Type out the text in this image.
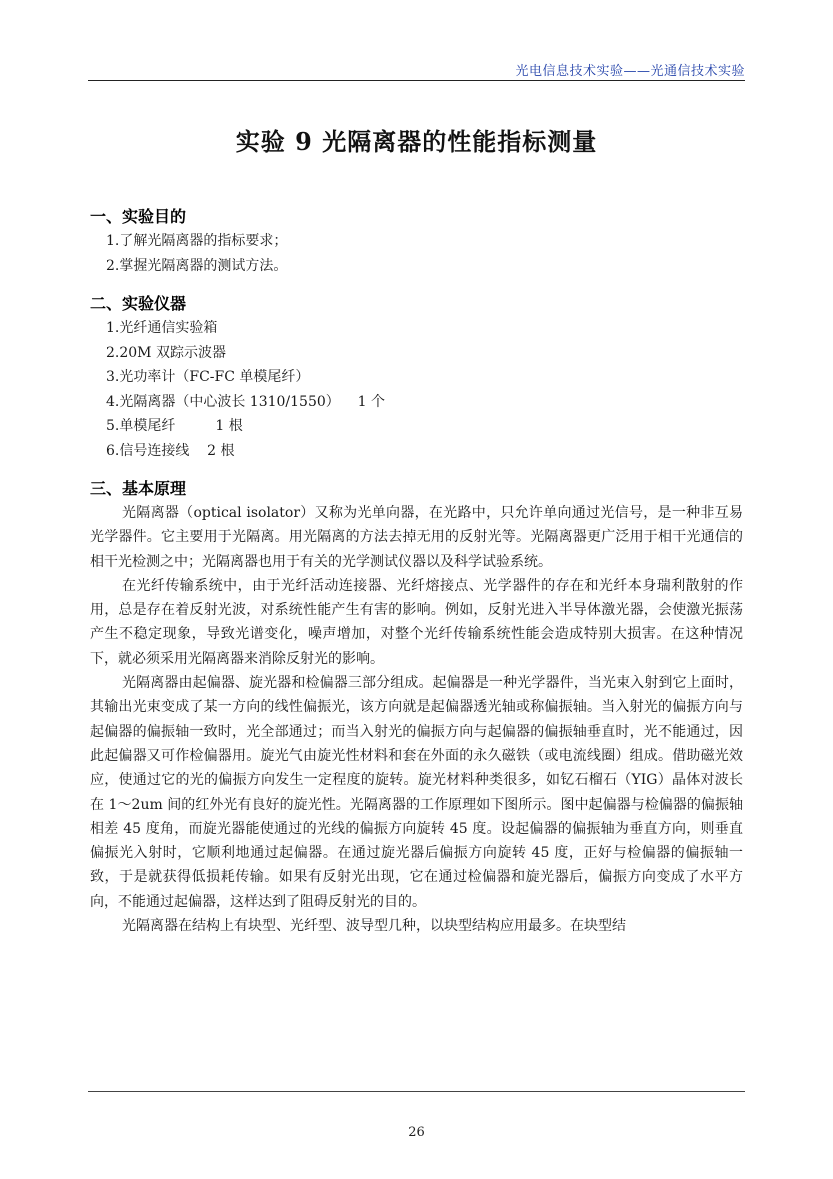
光电信息技术实验——光通信技术实验
实验 9 光隔离器的性能指标测量
一、实验目的
1.了解光隔离器的指标要求；
2.掌握光隔离器的测试方法。
二、实验仪器
1.光纤通信实验箱
2.20M 双踪示波器
3.光功率计（FC-FC 单模尾纤）
4.光隔离器（中心波长 1310/1550）    1 个
5.单模尾纤         1 根
6.信号连接线    2 根
三、基本原理

光隔离器（optical isolator）又称为光单向器，在光路中，只允许单向通过光信号，是一种非互易光学器件。它主要用于光隔离。用光隔离的方法去掉无用的反射光等。光隔离器更广泛用于相干光通信的相干光检测之中；光隔离器也用于有关的光学测试仪器以及科学试验系统。

在光纤传输系统中，由于光纤活动连接器、光纤熔接点、光学器件的存在和光纤本身瑞利散射的作用，总是存在着反射光波，对系统性能产生有害的影响。例如，反射光进入半导体激光器，会使激光振荡产生不稳定现象，导致光谱变化，噪声增加，对整个光纤传输系统性能会造成特别大损害。在这种情况下，就必须采用光隔离器来消除反射光的影响。

光隔离器由起偏器、旋光器和检偏器三部分组成。起偏器是一种光学器件，当光束入射到它上面时，其输出光束变成了某一方向的线性偏振光，该方向就是起偏器透光轴或称偏振轴。当入射光的偏振方向与起偏器的偏振轴一致时，光全部通过；而当入射光的偏振方向与起偏器的偏振轴垂直时，光不能通过，因此起偏器又可作检偏器用。旋光气由旋光性材料和套在外面的永久磁铁（或电流线圈）组成。借助磁光效应，使通过它的光的偏振方向发生一定程度的旋转。旋光材料种类很多，如钇石榴石（YIG）晶体对波长在 1～2um 间的红外光有良好的旋光性。光隔离器的工作原理如下图所示。图中起偏器与检偏器的偏振轴相差 45 度角，而旋光器能使通过的光线的偏振方向旋转 45 度。设起偏器的偏振轴为垂直方向，则垂直偏振光入射时，它顺利地通过起偏器。在通过旋光器后偏振方向旋转 45 度，正好与检偏器的偏振轴一致，于是就获得低损耗传输。如果有反射光出现，它在通过检偏器和旋光器后，偏振方向变成了水平方向，不能通过起偏器，这样达到了阻碍反射光的目的。

光隔离器在结构上有块型、光纤型、波导型几种，以块型结构应用最多。在块型结

26
